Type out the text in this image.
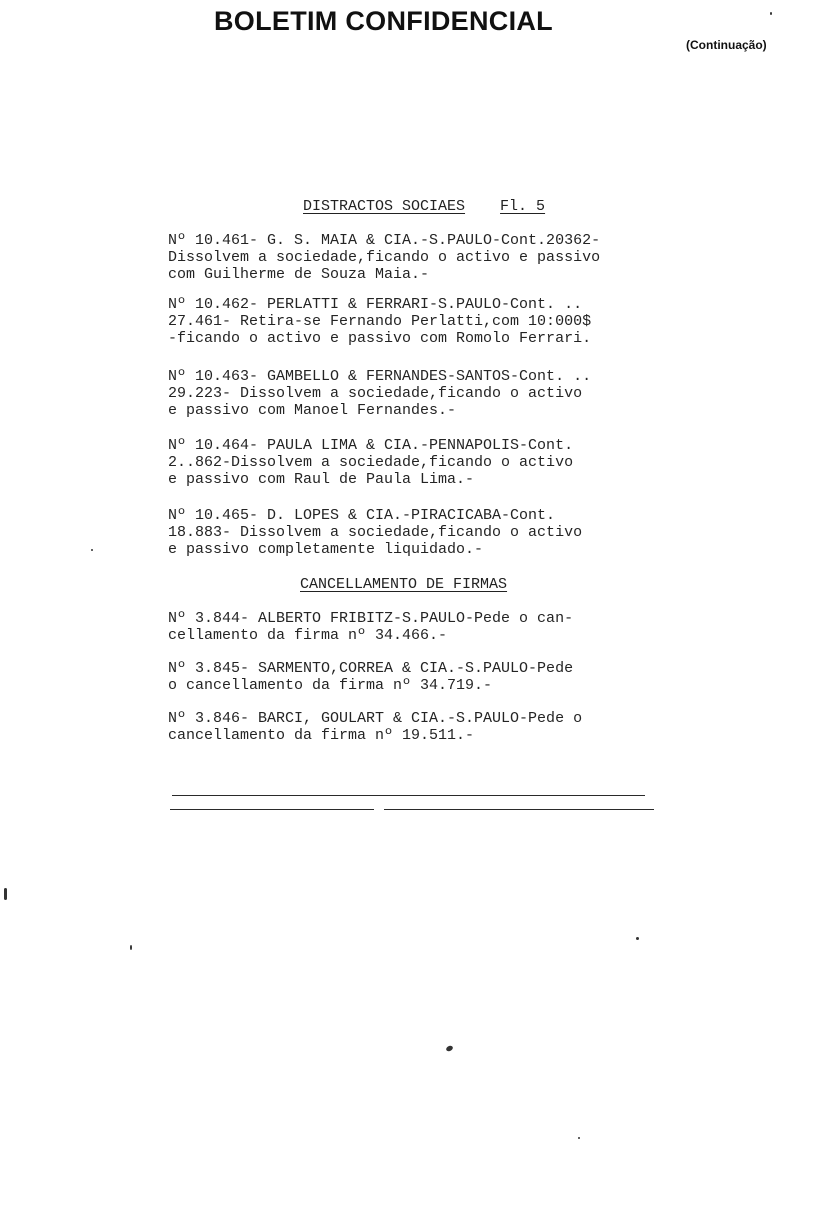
BOLETIM CONFIDENCIAL
(Continuação)
DISTRACTOS SOCIAES Fl. 5
Nº 10.461- G. S. MAIA & CIA.-S.PAULO-Cont.20362-
Dissolvem a sociedade,ficando o activo e passivo
com Guilherme de Souza Maia.-
Nº 10.462- PERLATTI & FERRARI-S.PAULO-Cont. ..
27.461- Retira-se Fernando Perlatti,com 10:000$
-ficando o activo e passivo com Romolo Ferrari.
Nº 10.463- GAMBELLO & FERNANDES-SANTOS-Cont. ..
29.223- Dissolvem a sociedade,ficando o activo
e passivo com Manoel Fernandes.-
Nº 10.464- PAULA LIMA & CIA.-PENNAPOLIS-Cont.
2..862-Dissolvem a sociedade,ficando o activo
e passivo com Raul de Paula Lima.-
Nº 10.465- D. LOPES & CIA.-PIRACICABA-Cont.
18.883- Dissolvem a sociedade,ficando o activo
e passivo completamente liquidado.-
CANCELLAMENTO DE FIRMAS
Nº 3.844- ALBERTO FRIBITZ-S.PAULO-Pede o can-
cellamento da firma nº 34.466.-
Nº 3.845- SARMENTO,CORREA & CIA.-S.PAULO-Pede
o cancellamento da firma nº 34.719.-
Nº 3.846- BARCI, GOULART & CIA.-S.PAULO-Pede o
cancellamento da firma nº 19.511.-
